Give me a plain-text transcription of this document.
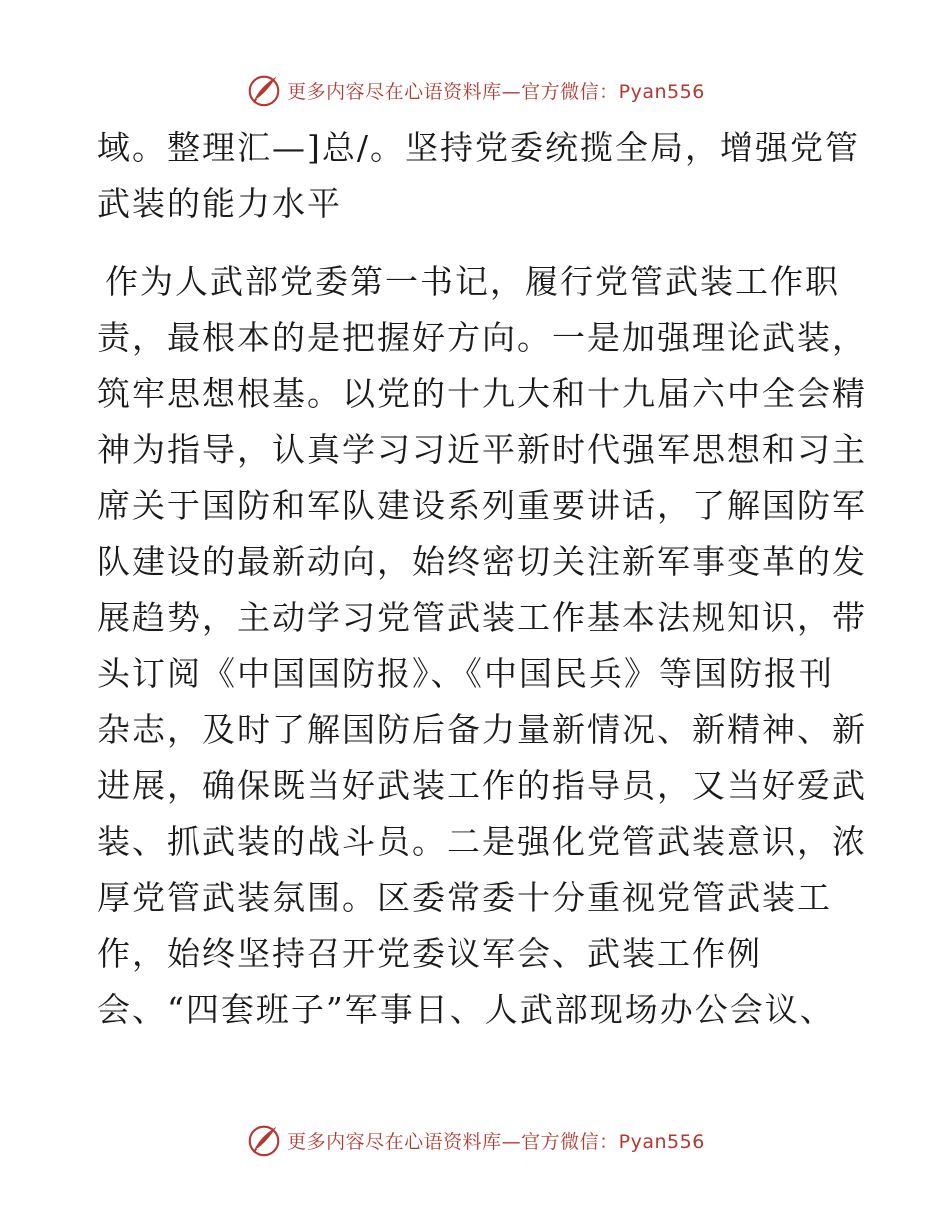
更多内容尽在心语资料库—官方微信：Pyan556
域。整理汇—]总/。坚持党委统揽全局，增强党管
武装的能力水平
作为人武部党委第一书记，履行党管武装工作职
责，最根本的是把握好方向。一是加强理论武装，
筑牢思想根基。以党的十九大和十九届六中全会精
神为指导，认真学习习近平新时代强军思想和习主
席关于国防和军队建设系列重要讲话，了解国防军
队建设的最新动向，始终密切关注新军事变革的发
展趋势，主动学习党管武装工作基本法规知识，带
头订阅《中国国防报》、《中国民兵》等国防报刊
杂志，及时了解国防后备力量新情况、新精神、新
进展，确保既当好武装工作的指导员，又当好爱武
装、抓武装的战斗员。二是强化党管武装意识，浓
厚党管武装氛围。区委常委十分重视党管武装工
作，始终坚持召开党委议军会、武装工作例
会、“四套班子”军事日、人武部现场办公会议、
更多内容尽在心语资料库—官方微信：Pyan556
